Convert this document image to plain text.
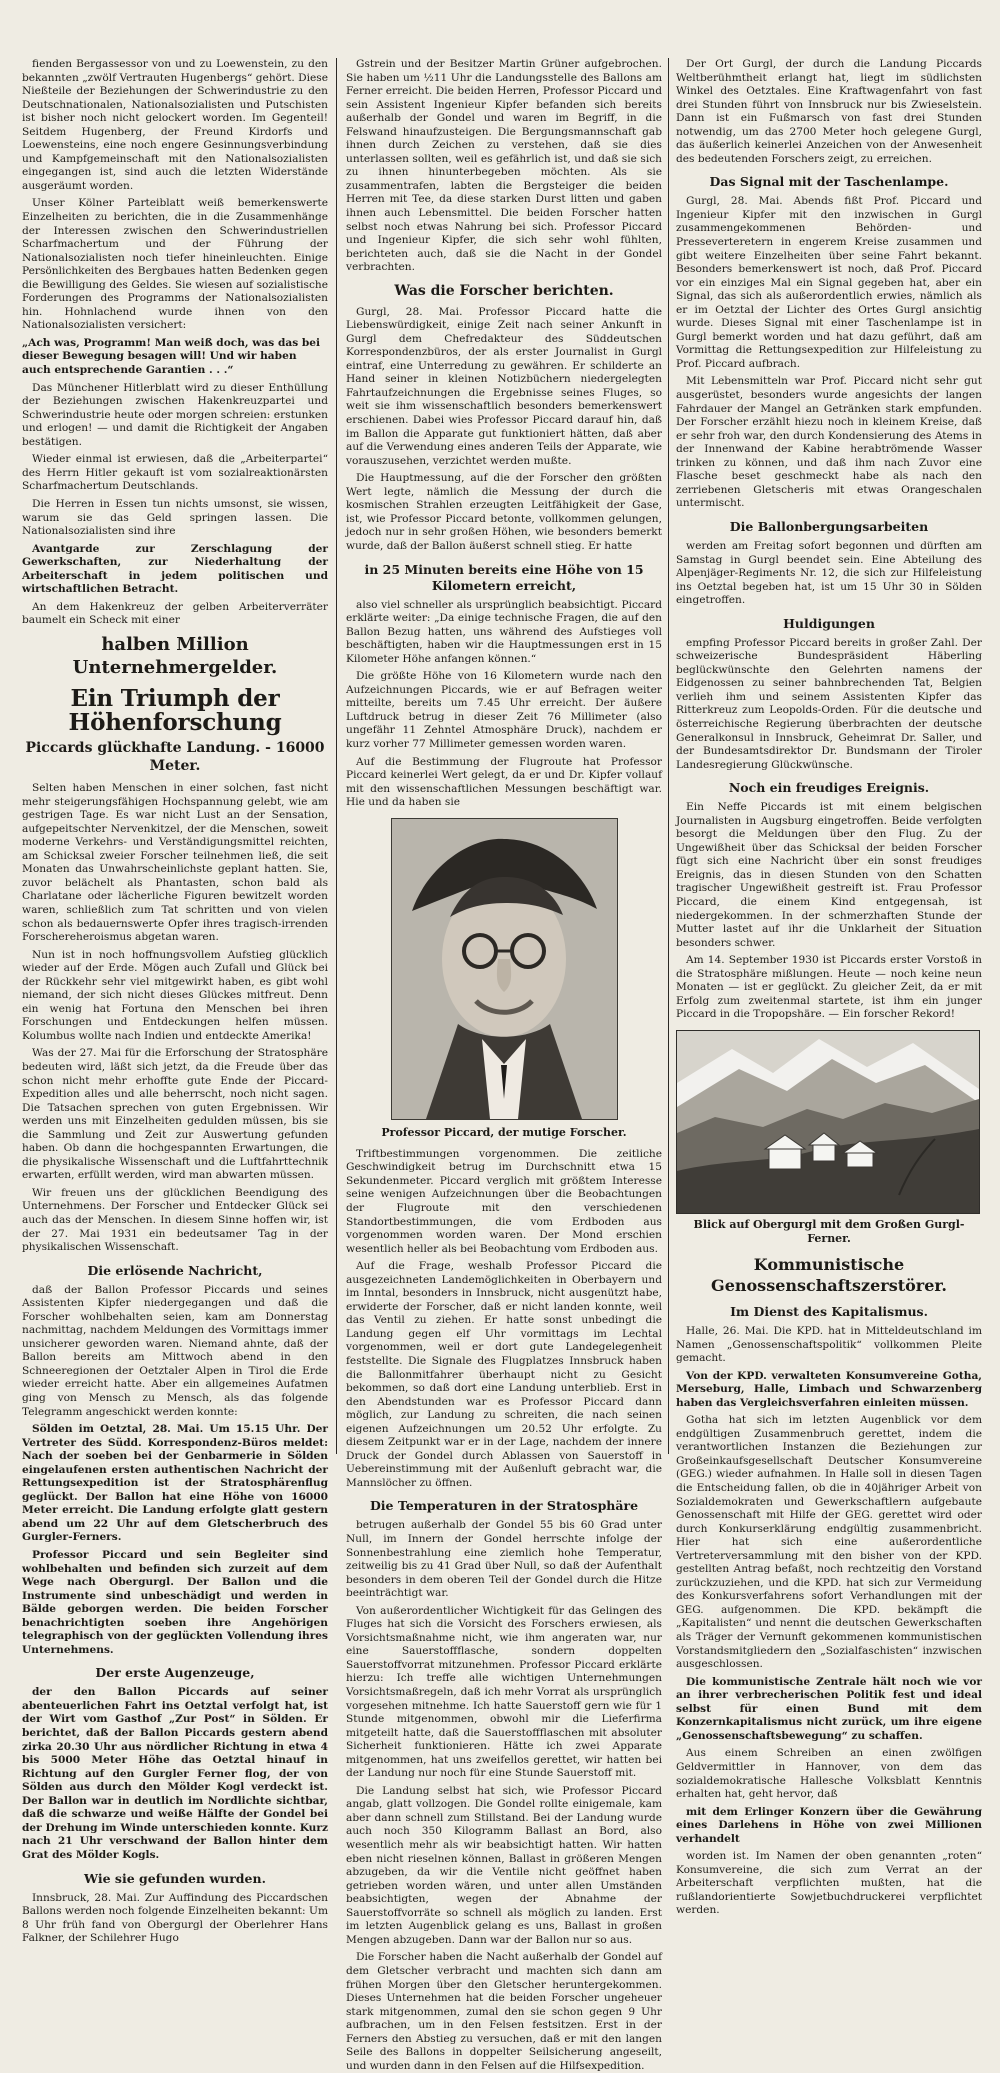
fienden Bergassessor von und zu Loewenstein, zu den bekannten „zwölf Vertrauten Hugenbergs“ gehört. Diese Nießteile der Beziehungen der Schwerindustrie zu den Deutschnationalen, Nationalsozialisten und Putschisten ist bisher noch nicht gelockert worden. Im Gegenteil! Seitdem Hugenberg, der Freund Kirdorfs und Loewensteins, eine noch engere Gesinnungsverbindung und Kampfgemeinschaft mit den Nationalsozialisten eingegangen ist, sind auch die letzten Widerstände ausgeräumt worden.

Unser Kölner Parteiblatt weiß bemerkenswerte Einzelheiten zu berichten, die in die Zusammenhänge der Interessen zwischen den Schwerindustriellen Scharfmachertum und der Führung der Nationalsozialisten noch tiefer hineinleuchten. Einige Persönlichkeiten des Bergbaues hatten Bedenken gegen die Bewilligung des Geldes. Sie wiesen auf sozialistische Forderungen des Programms der Nationalsozialisten hin. Hohnlachend wurde ihnen von den Nationalsozialisten versichert:

„Ach was, Programm! Man weiß doch, was das bei dieser Bewegung besagen will! Und wir haben auch entsprechende Garantien . . .“

Das Münchener Hitlerblatt wird zu dieser Enthüllung der Beziehungen zwischen Hakenkreuzpartei und Schwerindustrie heute oder morgen schreien: erstunken und erlogen! — und damit die Richtigkeit der Angaben bestätigen.

Wieder einmal ist erwiesen, daß die „Arbeiterpartei“ des Herrn Hitler gekauft ist vom sozialreaktionärsten Scharfmachertum Deutschlands.

Die Herren in Essen tun nichts umsonst, sie wissen, warum sie das Geld springen lassen. Die Nationalsozialisten sind ihre

Avantgarde zur Zerschlagung der Gewerkschaften, zur Niederhaltung der Arbeiterschaft in jedem politischen und wirtschaftlichen Betracht.

An dem Hakenkreuz der gelben Arbeiterverräter baumelt ein Scheck mit einer

halben Million Unternehmergelder.
Ein Triumph der Höhenforschung
Piccards glückhafte Landung. - 16000 Meter.

Selten haben Menschen in einer solchen, fast nicht mehr steigerungsfähigen Hochspannung gelebt, wie am gestrigen Tage. Es war nicht Lust an der Sensation, aufgepeitschter Nervenkitzel, der die Menschen, soweit moderne Verkehrs- und Verständigungsmittel reichten, am Schicksal zweier Forscher teilnehmen ließ, die seit Monaten das Unwahrscheinlichste geplant hatten. Sie, zuvor belächelt als Phantasten, schon bald als Charlatane oder lächerliche Figuren bewitzelt worden waren, schließlich zum Tat schritten und von vielen schon als bedauernswerte Opfer ihres tragisch-irrenden Forschereheroismus abgetan waren.

Nun ist in noch hoffnungsvollem Aufstieg glücklich wieder auf der Erde. Mögen auch Zufall und Glück bei der Rückkehr sehr viel mitgewirkt haben, es gibt wohl niemand, der sich nicht dieses Glückes mitfreut. Denn ein wenig hat Fortuna den Menschen bei ihren Forschungen und Entdeckungen helfen müssen. Kolumbus wollte nach Indien und entdeckte Amerika!

Was der 27. Mai für die Erforschung der Stratosphäre bedeuten wird, läßt sich jetzt, da die Freude über das schon nicht mehr erhoffte gute Ende der Piccard-Expedition alles und alle beherrscht, noch nicht sagen. Die Tatsachen sprechen von guten Ergebnissen. Wir werden uns mit Einzelheiten gedulden müssen, bis sie die Sammlung und Zeit zur Auswertung gefunden haben. Ob dann die hochgespannten Erwartungen, die die physikalische Wissenschaft und die Luftfahrttechnik erwarten, erfüllt werden, wird man abwarten müssen.

Wir freuen uns der glücklichen Beendigung des Unternehmens. Der Forscher und Entdecker Glück sei auch das der Menschen. In diesem Sinne hoffen wir, ist der 27. Mai 1931 ein bedeutsamer Tag in der physikalischen Wissenschaft.

Die erlösende Nachricht,

daß der Ballon Professor Piccards und seines Assistenten Kipfer niedergegangen und daß die Forscher wohlbehalten seien, kam am Donnerstag nachmittag, nachdem Meldungen des Vormittags immer unsicherer geworden waren. Niemand ahnte, daß der Ballon bereits am Mittwoch abend in den Schneeregionen der Oetztaler Alpen in Tirol die Erde wieder erreicht hatte. Aber ein allgemeines Aufatmen ging von Mensch zu Mensch, als das folgende Telegramm angeschickt werden konnte:

Sölden im Oetztal, 28. Mai. Um 15.15 Uhr. Der Vertreter des Südd. Korrespondenz-Büros meldet: Nach der soeben bei der Genbarmerie in Sölden eingelaufenen ersten authentischen Nachricht der Rettungsexpedition ist der Stratosphärenflug geglückt. Der Ballon hat eine Höhe von 16000 Meter erreicht. Die Landung erfolgte glatt gestern abend um 22 Uhr auf dem Gletscherbruch des Gurgler-Ferners.

Professor Piccard und sein Begleiter sind wohlbehalten und befinden sich zurzeit auf dem Wege nach Obergurgl. Der Ballon und die Instrumente sind unbeschädigt und werden in Bälde geborgen werden. Die beiden Forscher benachrichtigten soeben ihre Angehörigen telegraphisch von der geglückten Vollendung ihres Unternehmens.

Der erste Augenzeuge,

der den Ballon Piccards auf seiner abenteuerlichen Fahrt ins Oetztal verfolgt hat, ist der Wirt vom Gasthof „Zur Post“ in Sölden. Er berichtet, daß der Ballon Piccards gestern abend zirka 20.30 Uhr aus nördlicher Richtung in etwa 4 bis 5000 Meter Höhe das Oetztal hinauf in Richtung auf den Gurgler Ferner flog, der von Sölden aus durch den Mölder Kogl verdeckt ist. Der Ballon war in deutlich im Nordlichte sichtbar, daß die schwarze und weiße Hälfte der Gondel bei der Drehung im Winde unterschieden konnte. Kurz nach 21 Uhr verschwand der Ballon hinter dem Grat des Mölder Kogls.

Wie sie gefunden wurden.

Innsbruck, 28. Mai. Zur Auffindung des Piccardschen Ballons werden noch folgende Einzelheiten bekannt: Um 8 Uhr früh fand von Obergurgl der Oberlehrer Hans Falkner, der Schilehrer Hugo

Gstrein und der Besitzer Martin Grüner aufgebrochen. Sie haben um ½11 Uhr die Landungsstelle des Ballons am Ferner erreicht. Die beiden Herren, Professor Piccard und sein Assistent Ingenieur Kipfer befanden sich bereits außerhalb der Gondel und waren im Begriff, in die Felswand hinaufzusteigen. Die Bergungsmannschaft gab ihnen durch Zeichen zu verstehen, daß sie dies unterlassen sollten, weil es gefährlich ist, und daß sie sich zu ihnen hinunterbegeben möchten. Als sie zusammentrafen, labten die Bergsteiger die beiden Herren mit Tee, da diese starken Durst litten und gaben ihnen auch Lebensmittel. Die beiden Forscher hatten selbst noch etwas Nahrung bei sich. Professor Piccard und Ingenieur Kipfer, die sich sehr wohl fühlten, berichteten auch, daß sie die Nacht in der Gondel verbrachten.

Was die Forscher berichten.

Gurgl, 28. Mai. Professor Piccard hatte die Liebenswürdigkeit, einige Zeit nach seiner Ankunft in Gurgl dem Chefredakteur des Süddeutschen Korrespondenzbüros, der als erster Journalist in Gurgl eintraf, eine Unterredung zu gewähren. Er schilderte an Hand seiner in kleinen Notizbüchern niedergelegten Fahrtaufzeichnungen die Ergebnisse seines Fluges, so weit sie ihm wissenschaftlich besonders bemerkenswert erschienen. Dabei wies Professor Piccard darauf hin, daß im Ballon die Apparate gut funktioniert hätten, daß aber auf die Verwendung eines anderen Teils der Apparate, wie vorauszusehen, verzichtet werden mußte.

Die Hauptmessung, auf die der Forscher den größten Wert legte, nämlich die Messung der durch die kosmischen Strahlen erzeugten Leitfähigkeit der Gase, ist, wie Professor Piccard betonte, vollkommen gelungen, jedoch nur in sehr großen Höhen, wie besonders bemerkt wurde, daß der Ballon äußerst schnell stieg. Er hatte

in 25 Minuten bereits eine Höhe von 15 Kilometern erreicht,

also viel schneller als ursprünglich beabsichtigt. Piccard erklärte weiter: „Da einige technische Fragen, die auf den Ballon Bezug hatten, uns während des Aufstieges voll beschäftigten, haben wir die Hauptmessungen erst in 15 Kilometer Höhe anfangen können.“

Die größte Höhe von 16 Kilometern wurde nach den Aufzeichnungen Piccards, wie er auf Befragen weiter mitteilte, bereits um 7.45 Uhr erreicht. Der äußere Luftdruck betrug in dieser Zeit 76 Millimeter (also ungefähr 11 Zehntel Atmosphäre Druck), nachdem er kurz vorher 77 Millimeter gemessen worden waren.

Auf die Bestimmung der Flugroute hat Professor Piccard keinerlei Wert gelegt, da er und Dr. Kipfer vollauf mit den wissenschaftlichen Messungen beschäftigt war. Hie und da haben sie

Professor Piccard, der mutige Forscher.

Triftbestimmungen vorgenommen. Die zeitliche Geschwindigkeit betrug im Durchschnitt etwa 15 Sekundenmeter. Piccard verglich mit größtem Interesse seine wenigen Aufzeichnungen über die Beobachtungen der Flugroute mit den verschiedenen Standortbestimmungen, die vom Erdboden aus vorgenommen worden waren. Der Mond erschien wesentlich heller als bei Beobachtung vom Erdboden aus.

Auf die Frage, weshalb Professor Piccard die ausgezeichneten Landemöglichkeiten in Oberbayern und im Inntal, besonders in Innsbruck, nicht ausgenützt habe, erwiderte der Forscher, daß er nicht landen konnte, weil das Ventil zu ziehen. Er hatte sonst unbedingt die Landung gegen elf Uhr vormittags im Lechtal vorgenommen, weil er dort gute Landegelegenheit feststellte. Die Signale des Flugplatzes Innsbruck haben die Ballonmitfahrer überhaupt nicht zu Gesicht bekommen, so daß dort eine Landung unterblieb. Erst in den Abendstunden war es Professor Piccard dann möglich, zur Landung zu schreiten, die nach seinen eigenen Aufzeichnungen um 20.52 Uhr erfolgte. Zu diesem Zeitpunkt war er in der Lage, nachdem der innere Druck der Gondel durch Ablassen von Sauerstoff in Uebereinstimmung mit der Außenluft gebracht war, die Mannslöcher zu öffnen.

Die Temperaturen in der Stratosphäre

betrugen außerhalb der Gondel 55 bis 60 Grad unter Null, im Innern der Gondel herrschte infolge der Sonnenbestrahlung eine ziemlich hohe Temperatur, zeitweilig bis zu 41 Grad über Null, so daß der Aufenthalt besonders in dem oberen Teil der Gondel durch die Hitze beeinträchtigt war.

Von außerordentlicher Wichtigkeit für das Gelingen des Fluges hat sich die Vorsicht des Forschers erwiesen, als Vorsichtsmaßnahme nicht, wie ihm angeraten war, nur eine Sauerstoffflasche, sondern doppelten Sauerstoffvorrat mitzunehmen. Professor Piccard erklärte hierzu: Ich treffe alle wichtigen Unternehmungen Vorsichtsmaßregeln, daß ich mehr Vorrat als ursprünglich vorgesehen mitnehme. Ich hatte Sauerstoff gern wie für 1 Stunde mitgenommen, obwohl mir die Lieferfirma mitgeteilt hatte, daß die Sauerstoffflaschen mit absoluter Sicherheit funktionieren. Hätte ich zwei Apparate mitgenommen, hat uns zweifellos gerettet, wir hatten bei der Landung nur noch für eine Stunde Sauerstoff mit.

Die Landung selbst hat sich, wie Professor Piccard angab, glatt vollzogen. Die Gondel rollte einigemale, kam aber dann schnell zum Stillstand. Bei der Landung wurde auch noch 350 Kilogramm Ballast an Bord, also wesentlich mehr als wir beabsichtigt hatten. Wir hatten eben nicht rieselnen können, Ballast in größeren Mengen abzugeben, da wir die Ventile nicht geöffnet haben getrieben worden wären, und unter allen Umständen beabsichtigten, wegen der Abnahme der Sauerstoffvorräte so schnell als möglich zu landen. Erst im letzten Augenblick gelang es uns, Ballast in großen Mengen abzugeben. Dann war der Ballon nur so aus.

Die Forscher haben die Nacht außerhalb der Gondel auf dem Gletscher verbracht und machten sich dann am frühen Morgen über den Gletscher heruntergekommen. Dieses Unternehmen hat die beiden Forscher ungeheuer stark mitgenommen, zumal den sie schon gegen 9 Uhr aufbrachen, um in den Felsen festsitzen. Erst in der Ferners den Abstieg zu versuchen, daß er mit den langen Seile des Ballons in doppelter Seilsicherung angeseilt, und wurden dann in den Felsen auf die Hilfsexpedition.

Der Ort Gurgl, der durch die Landung Piccards Weltberühmtheit erlangt hat, liegt im südlichsten Winkel des Oetztales. Eine Kraftwagenfahrt von fast drei Stunden führt von Innsbruck nur bis Zwieselstein. Dann ist ein Fußmarsch von fast drei Stunden notwendig, um das 2700 Meter hoch gelegene Gurgl, das äußerlich keinerlei Anzeichen von der Anwesenheit des bedeutenden Forschers zeigt, zu erreichen.

Das Signal mit der Taschenlampe.

Gurgl, 28. Mai. Abends fißt Prof. Piccard und Ingenieur Kipfer mit den inzwischen in Gurgl zusammengekommenen Behörden- und Presseverteretern in engerem Kreise zusammen und gibt weitere Einzelheiten über seine Fahrt bekannt. Besonders bemerkenswert ist noch, daß Prof. Piccard vor ein einziges Mal ein Signal gegeben hat, aber ein Signal, das sich als außerordentlich erwies, nämlich als er im Oetztal der Lichter des Ortes Gurgl ansichtig wurde. Dieses Signal mit einer Taschenlampe ist in Gurgl bemerkt worden und hat dazu geführt, daß am Vormittag die Rettungsexpedition zur Hilfeleistung zu Prof. Piccard aufbrach.

Mit Lebensmitteln war Prof. Piccard nicht sehr gut ausgerüstet, besonders wurde angesichts der langen Fahrdauer der Mangel an Getränken stark empfunden. Der Forscher erzählt hiezu noch in kleinem Kreise, daß er sehr froh war, den durch Kondensierung des Atems in der Innenwand der Kabine herabtrömende Wasser trinken zu können, und daß ihm nach Zuvor eine Flasche beset geschmeckt habe als nach den zerriebenen Gletscheris mit etwas Orangeschalen untermischt.

Die Ballonbergungsarbeiten

werden am Freitag sofort begonnen und dürften am Samstag in Gurgl beendet sein. Eine Abteilung des Alpenjäger-Regiments Nr. 12, die sich zur Hilfeleistung ins Oetztal begeben hat, ist um 15 Uhr 30 in Sölden eingetroffen.

Huldigungen

empfing Professor Piccard bereits in großer Zahl. Der schweizerische Bundespräsident Häberling beglückwünschte den Gelehrten namens der Eidgenossen zu seiner bahnbrechenden Tat, Belgien verlieh ihm und seinem Assistenten Kipfer das Ritterkreuz zum Leopolds-Orden. Für die deutsche und österreichische Regierung überbrachten der deutsche Generalkonsul in Innsbruck, Geheimrat Dr. Saller, und der Bundesamtsdirektor Dr. Bundsmann der Tiroler Landesregierung Glückwünsche.

Noch ein freudiges Ereignis.

Ein Neffe Piccards ist mit einem belgischen Journalisten in Augsburg eingetroffen. Beide verfolgten besorgt die Meldungen über den Flug. Zu der Ungewißheit über das Schicksal der beiden Forscher fügt sich eine Nachricht über ein sonst freudiges Ereignis, das in diesen Stunden von den Schatten tragischer Ungewißheit gestreift ist. Frau Professor Piccard, die einem Kind entgegensah, ist niedergekommen. In der schmerzhaften Stunde der Mutter lastet auf ihr die Unklarheit der Situation besonders schwer.

Am 14. September 1930 ist Piccards erster Vorstoß in die Stratosphäre mißlungen. Heute — noch keine neun Monaten — ist er geglückt. Zu gleicher Zeit, da er mit Erfolg zum zweitenmal startete, ist ihm ein junger Piccard in die Tropopshäre. — Ein forscher Rekord!

Blick auf Obergurgl mit dem Großen Gurgl-Ferner.
Kommunistische Genossenschaftszerstörer.
Im Dienst des Kapitalismus.

Halle, 26. Mai. Die KPD. hat in Mitteldeutschland im Namen „Genossenschaftspolitik“ vollkommen Pleite gemacht.

Von der KPD. verwalteten Konsumvereine Gotha, Merseburg, Halle, Limbach und Schwarzenberg haben das Vergleichsverfahren einleiten müssen.

Gotha hat sich im letzten Augenblick vor dem endgültigen Zusammenbruch gerettet, indem die verantwortlichen Instanzen die Beziehungen zur Großeinkaufsgesellschaft Deutscher Konsumvereine (GEG.) wieder aufnahmen. In Halle soll in diesen Tagen die Entscheidung fallen, ob die in 40jähriger Arbeit von Sozialdemokraten und Gewerkschaftlern aufgebaute Genossenschaft mit Hilfe der GEG. gerettet wird oder durch Konkurserklärung endgültig zusammenbricht. Hier hat sich eine außerordentliche Vertreterversammlung mit den bisher von der KPD. gestellten Antrag befaßt, noch rechtzeitig den Vorstand zurückzuziehen, und die KPD. hat sich zur Vermeidung des Konkursverfahrens sofort Verhandlungen mit der GEG. aufgenommen. Die KPD. bekämpft die „Kapitalisten“ und nennt die deutschen Gewerkschaften als Träger der Vernunft gekommenen kommunistischen Vorstandsmitgliedern den „Sozialfaschisten“ inzwischen ausgeschlossen.

Die kommunistische Zentrale hält noch wie vor an ihrer verbrecherischen Politik fest und ideal selbst für einen Bund mit dem Konzernkapitalismus nicht zurück, um ihre eigene „Genossenschaftsbewegung“ zu schaffen.

Aus einem Schreiben an einen zwölfigen Geldvermittler in Hannover, von dem das sozialdemokratische Hallesche Volksblatt Kenntnis erhalten hat, geht hervor, daß

mit dem Erlinger Konzern über die Gewährung eines Darlehens in Höhe von zwei Millionen verhandelt

worden ist. Im Namen der oben genannten „roten“ Konsumvereine, die sich zum Verrat an der Arbeiterschaft verpflichten mußten, hat die rußlandorientierte Sowjetbuchdruckerei verpflichtet werden.
